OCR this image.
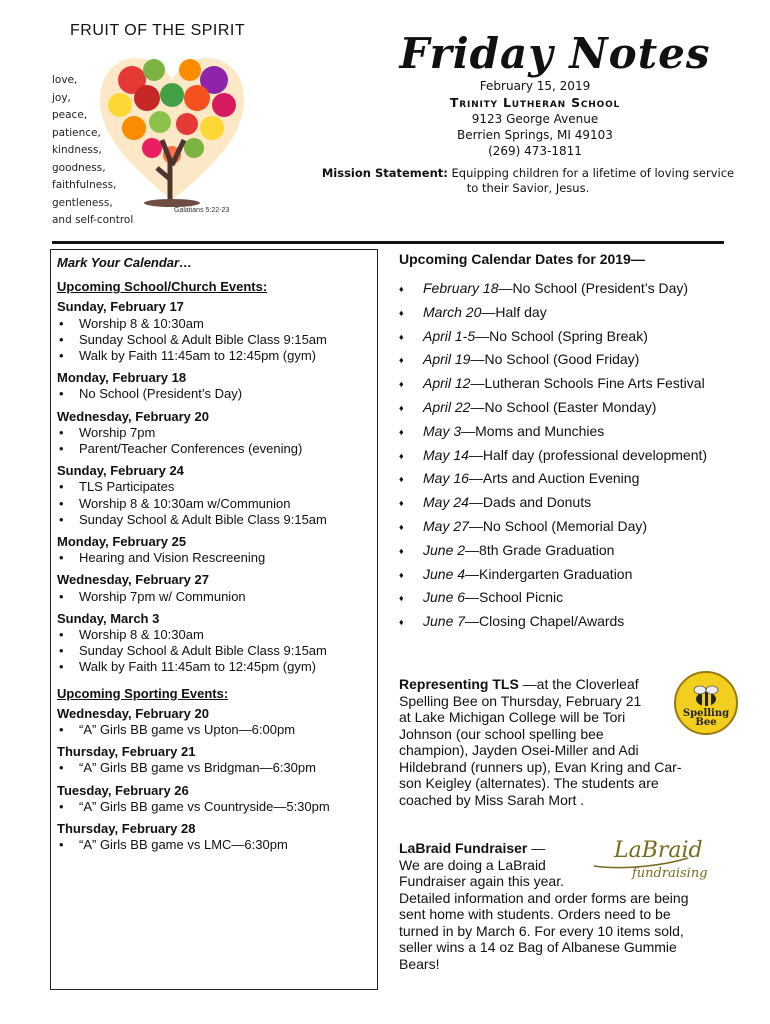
FRUIT OF THE SPIRIT
love,
joy,
peace,
patience,
kindness,
goodness,
faithfulness,
gentleness,
and self-control
Galatians 5:22-23
Friday Notes
February 15, 2019
Trinity Lutheran School
9123 George Avenue
Berrien Springs, MI 49103
(269) 473-1811
Mission Statement: Equipping children for a lifetime of loving service to their Savior, Jesus.
Mark Your Calendar…
Upcoming School/Church Events:
Sunday, February 17
• Worship 8 & 10:30am
• Sunday School & Adult Bible Class 9:15am
• Walk by Faith 11:45am to 12:45pm (gym)
Monday, February 18
• No School (President’s Day)
Wednesday, February 20
• Worship 7pm
• Parent/Teacher Conferences (evening)
Sunday, February 24
• TLS Participates
• Worship 8 & 10:30am w/Communion
• Sunday School & Adult Bible Class 9:15am
Monday, February 25
• Hearing and Vision Rescreening
Wednesday, February 27
• Worship 7pm w/ Communion
Sunday, March 3
• Worship 8 & 10:30am
• Sunday School & Adult Bible Class 9:15am
• Walk by Faith 11:45am to 12:45pm (gym)
Upcoming Sporting Events:
Wednesday, February 20
• “A” Girls BB game vs Upton—6:00pm
Thursday, February 21
• “A” Girls BB game vs Bridgman—6:30pm
Tuesday, February 26
• “A” Girls BB game vs Countryside—5:30pm
Thursday, February 28
• “A” Girls BB game vs LMC—6:30pm
Upcoming Calendar Dates for 2019—
♦ February 18—No School (President’s Day)
♦ March 20—Half day
♦ April 1-5—No School (Spring Break)
♦ April 19—No School (Good Friday)
♦ April 12—Lutheran Schools Fine Arts Festival
♦ April 22—No School (Easter Monday)
♦ May 3—Moms and Munchies
♦ May 14—Half day (professional development)
♦ May 16—Arts and Auction Evening
♦ May 24—Dads and Donuts
♦ May 27—No School (Memorial Day)
♦ June 2—8th Grade Graduation
♦ June 4—Kindergarten Graduation
♦ June 6—School Picnic
♦ June 7—Closing Chapel/Awards
Representing TLS —at the Cloverleaf
Spelling Bee on Thursday, February 21
at Lake Michigan College will be Tori
Johnson (our school spelling bee
champion), Jayden Osei-Miller and Adi
Hildebrand (runners up), Evan Kring and Car-
son Keigley (alternates). The students are
coached by Miss Sarah Mort .
Spelling
Bee
LaBraid Fundraiser —
We are doing a LaBraid
Fundraiser again this year.
Detailed information and order forms are being
sent home with students. Orders need to be
turned in by March 6. For every 10 items sold,
seller wins a 14 oz Bag of Albanese Gummie
Bears!
LaBraid
fundraising
